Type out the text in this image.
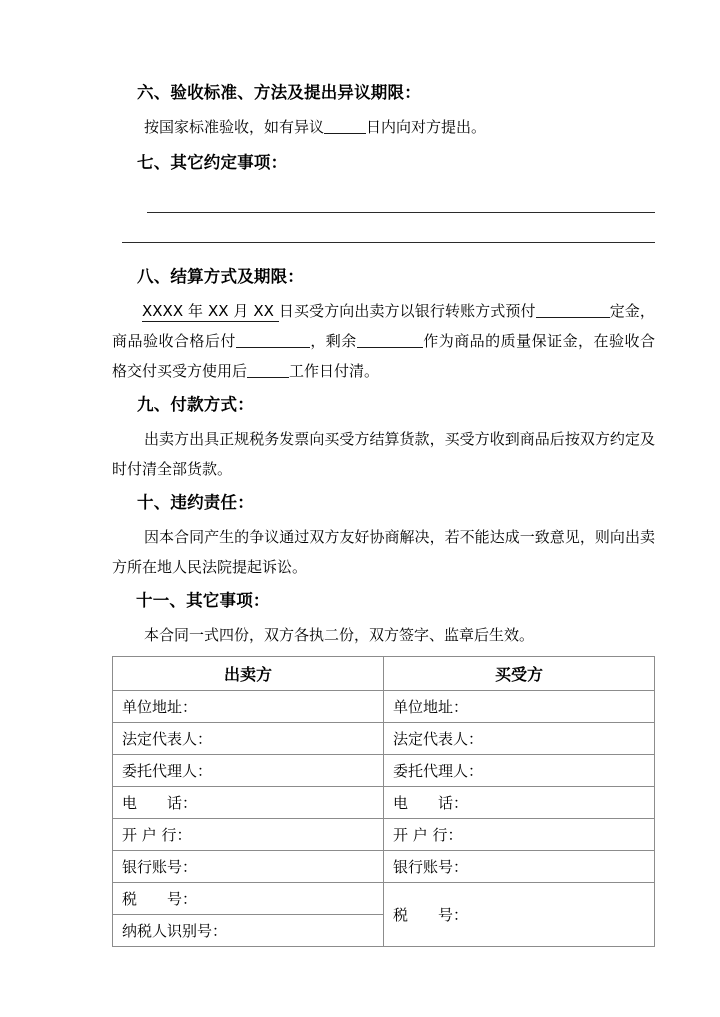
六、验收标准、方法及提出异议期限：
按国家标准验收，如有异议	日内向对方提出。
七、其它约定事项：
八、结算方式及期限：
XXXX 年 XX 月 XX 日买受方向出卖方以银行转账方式预付	定金，商品验收合格后付	，剩余	作为商品的质量保证金，在验收合格交付买受方使用后	工作日付清。
九、付款方式：
出卖方出具正规税务发票向买受方结算货款，买受方收到商品后按双方约定及时付清全部货款。
十、违约责任：
因本合同产生的争议通过双方友好协商解决，若不能达成一致意见，则向出卖方所在地人民法院提起诉讼。
十一、其它事项：
本合同一式四份，双方各执二份，双方签字、监章后生效。
出卖方	买受方
单位地址：	单位地址：
法定代表人：	法定代表人：
委托代理人：	委托代理人：
电　　话：	电　　话：
开 户 行：	开 户 行：
银行账号：	银行账号：
税　　号：	税　　号：
纳税人识别号：	
